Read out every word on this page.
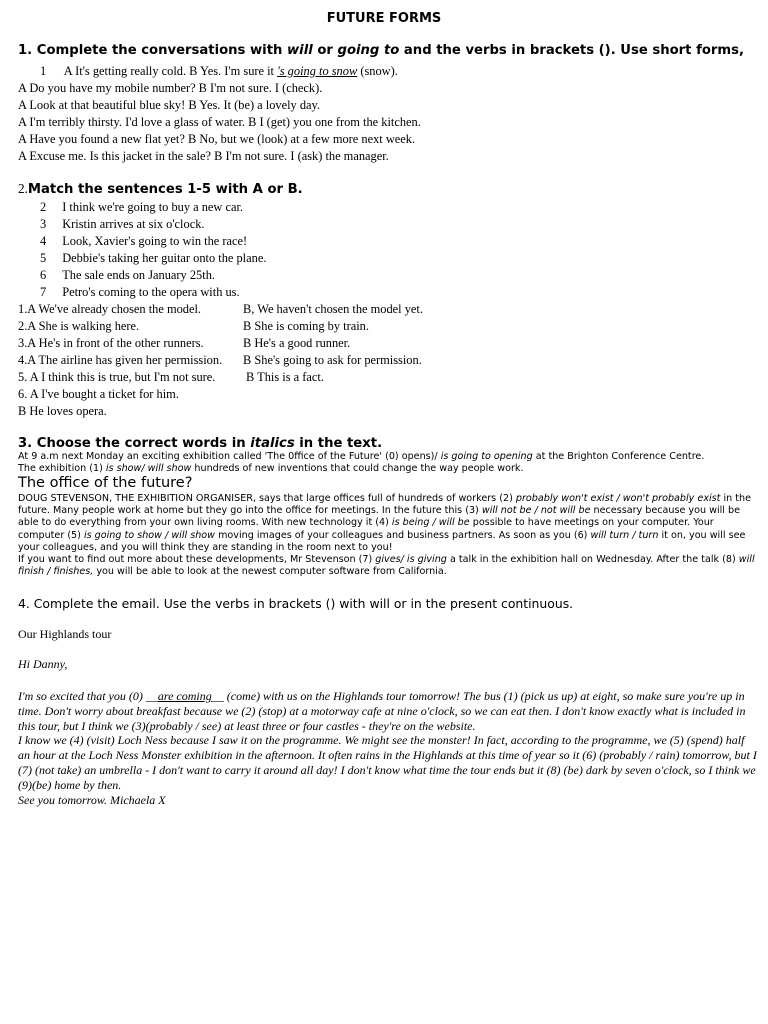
FUTURE FORMS
1. Complete the conversations with will or going to and the verbs in brackets (). Use short forms,
1 A It's getting really cold. B Yes. I'm sure it 's going to snow (snow).
A Do you have my mobile number? B I'm not sure. I (check).
A Look at that beautiful blue sky! B Yes. It (be) a lovely day.
A I'm terribly thirsty. I'd love a glass of water. B I (get) you one from the kitchen.
A Have you found a new flat yet? B No, but we (look) at a few more next week.
A Excuse me. Is this jacket in the sale? B I'm not sure. I (ask) the manager.
2.Match the sentences 1-5 with A or B.
2 I think we're going to buy a new car.
3 Kristin arrives at six o'clock.
4 Look, Xavier's going to win the race!
5 Debbie's taking her guitar onto the plane.
6 The sale ends on January 25th.
7 Petro's coming to the opera with us.
1.A We've already chosen the model.	B, We haven't chosen the model yet.
2.A She is walking here.	B She is coming by train.
3.A He's in front of the other runners.	B He's a good runner.
4.A The airline has given her permission. B She's going to ask for permission.
5. A I think this is true, but I'm not sure. B This is a fact.
6. A I've bought a ticket for him.
B He loves opera.
3. Choose the correct words in italics in the text.

At 9 a.m next Monday an exciting exhibition called 'The 0ffice of the Future' (0) opens)/ is going to opening at the Brighton Conference Centre.

The exhibition (1) is show/ will show hundreds of new inventions that could change the way people work.

The office of the future?

DOUG STEVENSON, THE EXHIBITION ORGANISER, says that large offices full of hundreds of workers (2) probably won't exist / won't probably exist in the future. Many people work at home but they go into the office for meetings. In the future this (3) will not be / not will be necessary because you will be able to do everything from your own living rooms. With new technology it (4) is being / will be possible to have meetings on your computer. Your computer (5) is going to show / will show moving images of your colleagues and business partners. As soon as you (6) will turn / turn it on, you will see your colleagues, and you will think they are standing in the room next to you!

If you want to find out more about these developments, Mr Stevenson (7) gives/ is giving a talk in the exhibition hall on Wednesday. After the talk (8) will finish / finishes, you will be able to look at the newest computer software from California.

4. Complete the email. Use the verbs in brackets () with will or in the present continuous.
Our Highlands tour
Hi Danny,

I'm so excited that you (0) __are coming__ (come) with us on the Highlands tour tomorrow! The bus (1) (pick us up) at eight, so make sure you're up in time. Don't worry about breakfast because we (2) (stop) at a motorway cafe at nine o'clock, so we can eat then. I don't know exactly what is included in this tour, but I think we (3)(probably / see) at least three or four castles - they're on the website.

I know we (4) (visit) Loch Ness because I saw it on the programme. We might see the monster! In fact, according to the programme, we (5) (spend) half an hour at the Loch Ness Monster exhibition in the afternoon. It often rains in the Highlands at this time of year so it (6) (probably / rain) tomorrow, but I (7) (not take) an umbrella - I don't want to carry it around all day! I don't know what time the tour ends but it (8) (be) dark by seven o'clock, so I think we (9)(be) home by then.

See you tomorrow. Michaela X
